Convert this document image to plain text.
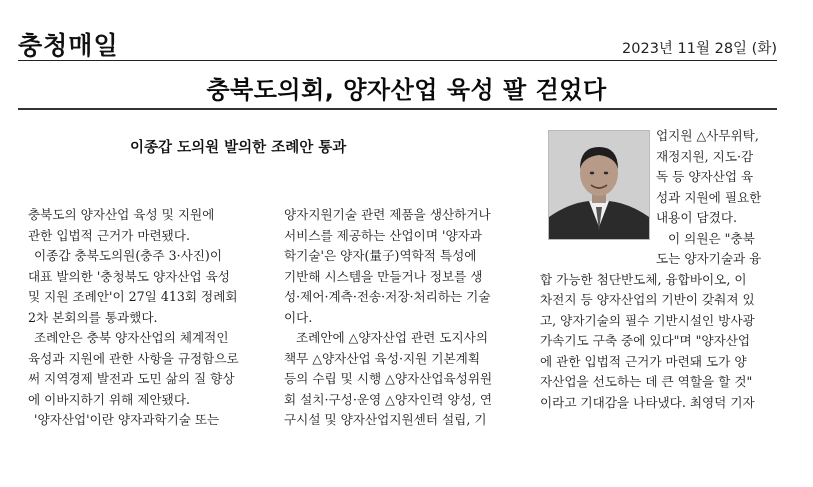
충청매일	2023년 11월 28일 (화)
충북도의회, 양자산업 육성 팔 걷었다
이종갑 도의원 발의한 조례안 통과

충북도의 양자산업 육성 및 지원에

관한 입법적 근거가 마련됐다.

이종갑 충북도의원(충주 3·사진)이

대표 발의한 '충청북도 양자산업 육성

및 지원 조례안'이 27일 413회 정례회

2차 본회의를 통과했다.

조례안은 충북 양자산업의 체계적인

육성과 지원에 관한 사항을 규정함으로

써 지역경제 발전과 도민 삶의 질 향상

에 이바지하기 위해 제안됐다.

'양자산업'이란 양자과학기술 또는

양자지원기술 관련 제품을 생산하거나

서비스를 제공하는 산업이며 '양자과

학기술'은 양자(量子)역학적 특성에

기반해 시스템을 만들거나 정보를 생

성·제어·계측·전송·저장·처리하는 기술

이다.

조례안에 △양자산업 관련 도지사의

책무 △양자산업 육성·지원 기본계획

등의 수립 및 시행 △양자산업육성위원

회 설치·구성·운영 △양자인력 양성, 연

구시설 및 양자산업지원센터 설립, 기

업지원 △사무위탁,

재정지원, 지도·감

독 등 양자산업 육

성과 지원에 필요한

내용이 담겼다.

이 의원은 "충북

도는 양자기술과 융

합 가능한 첨단반도체, 융합바이오, 이

차전지 등 양자산업의 기반이 갖춰져 있

고, 양자기술의 필수 기반시설인 방사광

가속기도 구축 중에 있다"며 "양자산업

에 관한 입법적 근거가 마련돼 도가 양

자산업을 선도하는 데 큰 역할을 할 것"

이라고 기대감을 나타냈다. 최영덕 기자
